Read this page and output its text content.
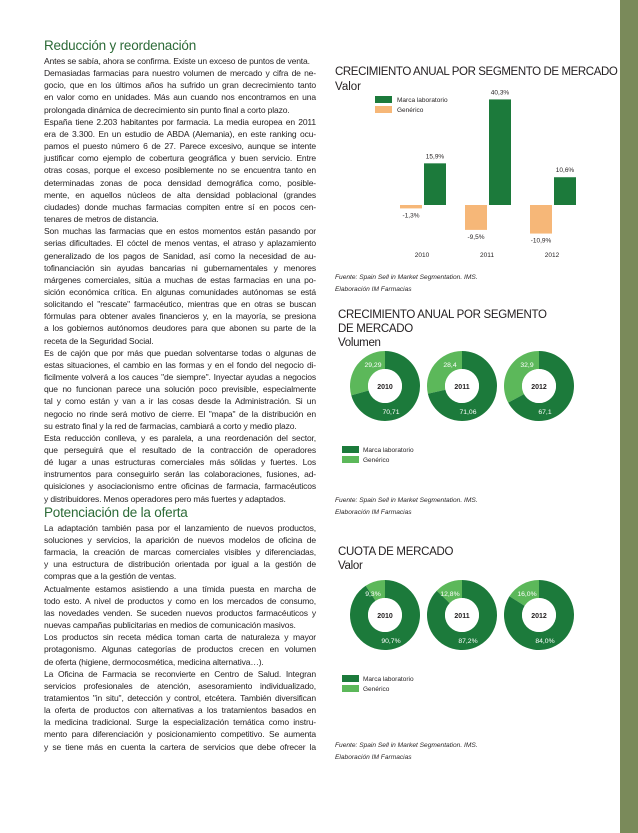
Reducción y reordenación
Antes se sabía, ahora se confirma. Existe un exceso de puntos de venta.
Demasiadas farmacias para nuestro volumen de mercado y cifra de ne-
gocio, que en los últimos años ha sufrido un gran decrecimiento tanto
en valor como en unidades. Más aun cuando nos encontramos en una
prolongada dinámica de decrecimiento sin punto final a corto plazo.
España tiene 2.203 habitantes por farmacia. La media europea en 2011
era de 3.300. En un estudio de ABDA (Alemania), en este ranking ocu-
pamos el puesto número 6 de 27. Parece excesivo, aunque se intente
justificar como ejemplo de cobertura geográfica y buen servicio. Entre
otras cosas, porque el exceso posiblemente no se encuentra tanto en
determinadas zonas de poca densidad demográfica como, posible-
mente, en aquellos núcleos de alta densidad poblacional (grandes
ciudades) donde muchas farmacias compiten entre sí en pocos cen-
tenares de metros de distancia.
Son muchas las farmacias que en estos momentos están pasando por
serias dificultades. El cóctel de menos ventas, el atraso y aplazamiento
generalizado de los pagos de Sanidad, así como la necesidad de au-
tofinanciación sin ayudas bancarias ni gubernamentales y menores
márgenes comerciales, sitúa a muchas de estas farmacias en una po-
sición económica crítica. En algunas comunidades autónomas se está
solicitando el "rescate" farmacéutico, mientras que en otras se buscan
fórmulas para obtener avales financieros y, en la mayoría, se presiona
a los gobiernos autónomos deudores para que abonen su parte de la
receta de la Seguridad Social.
Es de cajón que por más que puedan solventarse todas o algunas de
estas situaciones, el cambio en las formas y en el fondo del negocio di-
ficilmente volverá a los cauces "de siempre". Inyectar ayudas a negocios
que no funcionan parece una solución poco previsible, especialmente
tal y como están y van a ir las cosas desde la Administración. Si un
negocio no rinde será motivo de cierre. El "mapa" de la distribución en
su estrato final y la red de farmacias, cambiará a corto y medio plazo.
Esta reducción conlleva, y es paralela, a una reordenación del sector,
que perseguirá que el resultado de la contracción de operadores
dé lugar a unas estructuras comerciales más sólidas y fuertes. Los
instrumentos para conseguirlo serán las colaboraciones, fusiones, ad-
quisiciones y asociacionismo entre oficinas de farmacia, farmacéuticos
y distribuidores. Menos operadores pero más fuertes y adaptados.
Potenciación de la oferta
La adaptación también pasa por el lanzamiento de nuevos productos,
soluciones y servicios, la aparición de nuevos modelos de oficina de
farmacia, la creación de marcas comerciales visibles y diferenciadas,
y una estructura de distribución orientada por igual a la gestión de
compras que a la gestión de ventas.
Actualmente estamos asistiendo a una tímida puesta en marcha de
todo esto. A nivel de productos y como en los mercados de consumo,
las novedades venden. Se suceden nuevos productos farmacéuticos y
nuevas campañas publicitarias en medios de comunicación masivos.
Los productos sin receta médica toman carta de naturaleza y mayor
protagonismo. Algunas categorías de productos crecen en volumen
de oferta (higiene, dermocosmética, medicina alternativa…).
La Oficina de Farmacia se reconvierte en Centro de Salud. Integran
servicios profesionales de atención, asesoramiento individualizado,
tratamientos "in situ", detección y control, etcétera. También diversifican
la oferta de productos con alternativas a los tratamientos basados en
la medicina tradicional. Surge la especialización temática como instru-
mento para diferenciación y posicionamiento competitivo. Se aumenta
y se tiene más en cuenta la cartera de servicios que debe ofrecer la
CRECIMIENTO ANUAL POR SEGMENTO DE MERCADO
Valor
15,9%
-1,3%
2010
40,3%
-9,5%
2011
10,6%
-10,9%
2012
Marca laboratorio
Genérico
Fuente: Spain Sell in Market Segmentation. IMS.
Elaboración IM Farmacias
CRECIMIENTO ANUAL POR SEGMENTO
DE MERCADO
Volumen
2010
29,29
70,71
2011
28,4
71,06
2012
32,9
67,1
Marca laboratorio
Genérico
Fuente: Spain Sell in Market Segmentation. IMS.
Elaboración IM Farmacias
CUOTA DE MERCADO
Valor
2010
9,3%
90,7%
2011
12,8%
87,2%
2012
16,0%
84,0%
Marca laboratorio
Genérico
Fuente: Spain Sell in Market Segmentation. IMS.
Elaboración IM Farmacias
